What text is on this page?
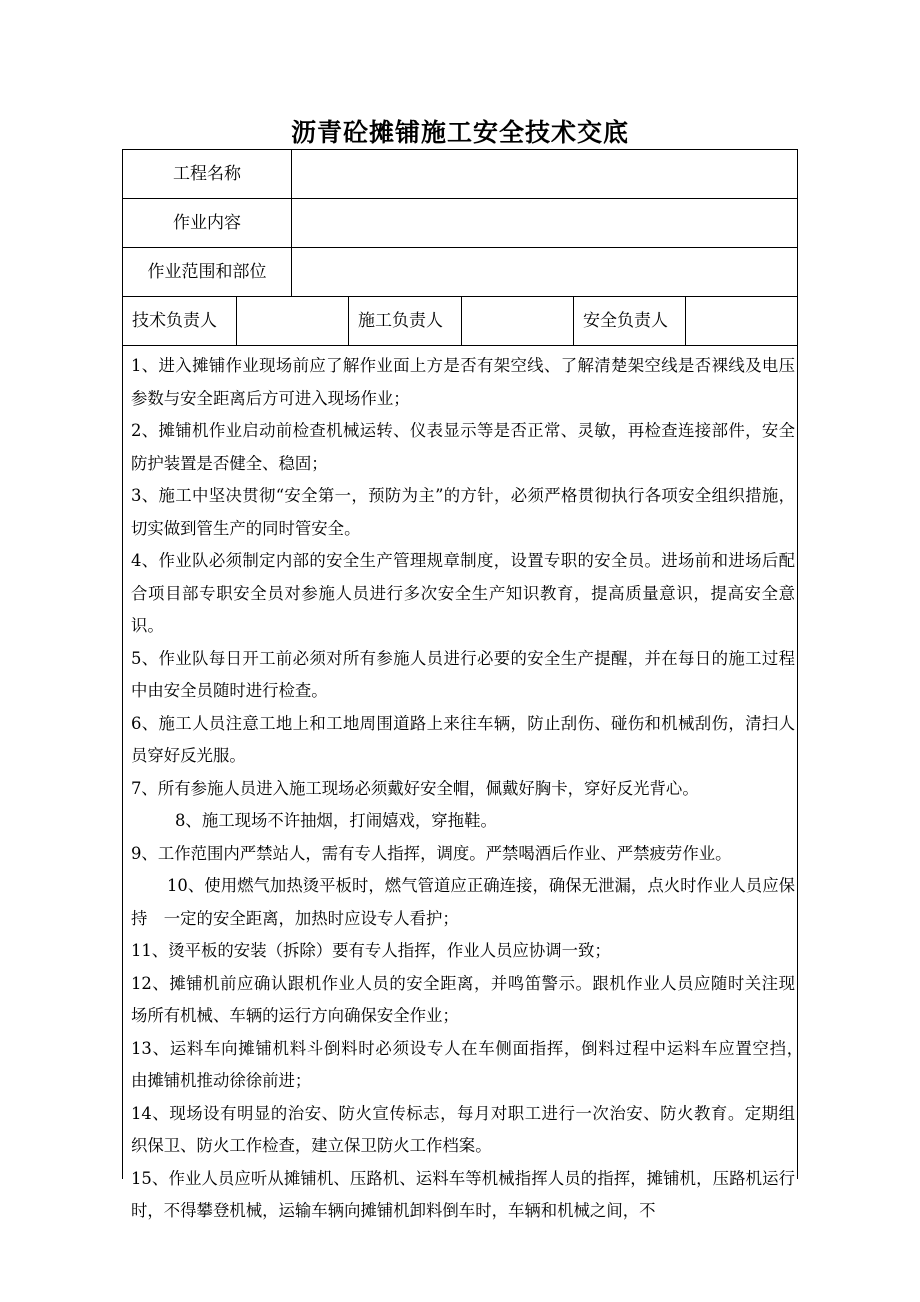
沥青砼摊铺施工安全技术交底
工程名称
作业内容
作业范围和部位
技术负责人	施工负责人	安全负责人

1、进入摊铺作业现场前应了解作业面上方是否有架空线、了解清楚架空线是否裸线及电压参数与安全距离后方可进入现场作业；

2、摊铺机作业启动前检查机械运转、仪表显示等是否正常、灵敏，再检查连接部件，安全防护装置是否健全、稳固；

3、施工中坚决贯彻“安全第一，预防为主”的方针，必须严格贯彻执行各项安全组织措施，切实做到管生产的同时管安全。

4、作业队必须制定内部的安全生产管理规章制度，设置专职的安全员。进场前和进场后配合项目部专职安全员对参施人员进行多次安全生产知识教育，提高质量意识，提高安全意识。

5、作业队每日开工前必须对所有参施人员进行必要的安全生产提醒，并在每日的施工过程中由安全员随时进行检查。

6、施工人员注意工地上和工地周围道路上来往车辆，防止刮伤、碰伤和机械刮伤，清扫人员穿好反光服。

7、所有参施人员进入施工现场必须戴好安全帽，佩戴好胸卡，穿好反光背心。

8、施工现场不许抽烟，打闹嬉戏，穿拖鞋。

9、工作范围内严禁站人，需有专人指挥，调度。严禁喝酒后作业、严禁疲劳作业。

10、使用燃气加热烫平板时，燃气管道应正确连接，确保无泄漏，点火时作业人员应保持　一定的安全距离，加热时应设专人看护；

11、烫平板的安装（拆除）要有专人指挥，作业人员应协调一致；

12、摊铺机前应确认跟机作业人员的安全距离，并鸣笛警示。跟机作业人员应随时关注现　场所有机械、车辆的运行方向确保安全作业；

13、运料车向摊铺机料斗倒料时必须设专人在车侧面指挥，倒料过程中运料车应置空挡，　由摊铺机推动徐徐前进；

14、现场设有明显的治安、防火宣传标志，每月对职工进行一次治安、防火教育。定期组　织保卫、防火工作检查，建立保卫防火工作档案。

15、作业人员应听从摊铺机、压路机、运料车等机械指挥人员的指挥，摊铺机，压路机运行时，不得攀登机械，运输车辆向摊铺机卸料倒车时，车辆和机械之间，不
